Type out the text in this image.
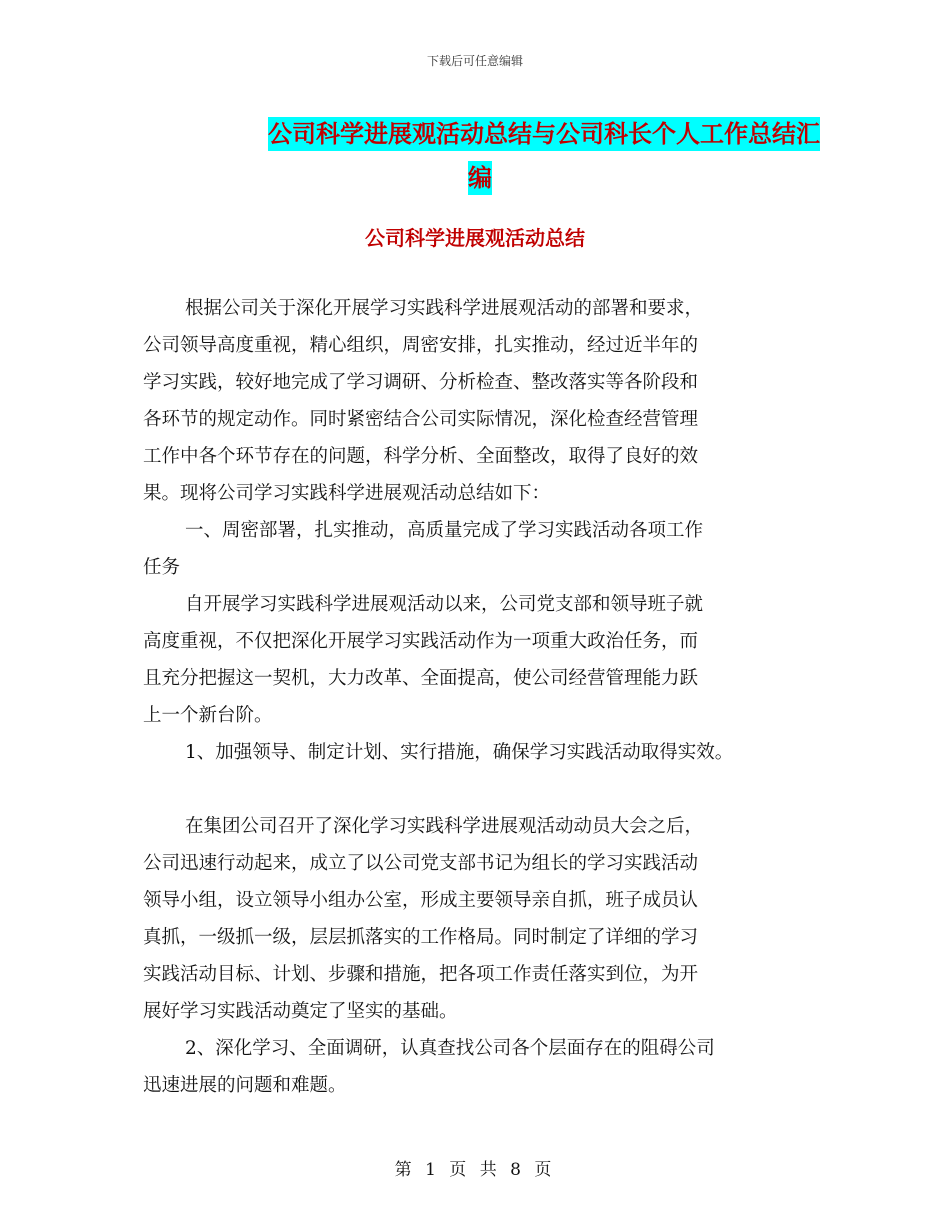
下载后可任意编辑
公司科学进展观活动总结与公司科长个人工作总结汇
编
公司科学进展观活动总结
根据公司关于深化开展学习实践科学进展观活动的部署和要求，
公司领导高度重视，精心组织，周密安排，扎实推动，经过近半年的
学习实践，较好地完成了学习调研、分析检查、整改落实等各阶段和
各环节的规定动作。同时紧密结合公司实际情况，深化检查经营管理
工作中各个环节存在的问题，科学分析、全面整改，取得了良好的效
果。现将公司学习实践科学进展观活动总结如下：
一、周密部署，扎实推动，高质量完成了学习实践活动各项工作
任务
自开展学习实践科学进展观活动以来，公司党支部和领导班子就
高度重视，不仅把深化开展学习实践活动作为一项重大政治任务，而
且充分把握这一契机，大力改革、全面提高，使公司经营管理能力跃
上一个新台阶。
1、加强领导、制定计划、实行措施，确保学习实践活动取得实效。
在集团公司召开了深化学习实践科学进展观活动动员大会之后，
公司迅速行动起来，成立了以公司党支部书记为组长的学习实践活动
领导小组，设立领导小组办公室，形成主要领导亲自抓，班子成员认
真抓，一级抓一级，层层抓落实的工作格局。同时制定了详细的学习
实践活动目标、计划、步骤和措施，把各项工作责任落实到位，为开
展好学习实践活动奠定了坚实的基础。
2、深化学习、全面调研，认真查找公司各个层面存在的阻碍公司
迅速进展的问题和难题。
第 1 页 共 8 页
